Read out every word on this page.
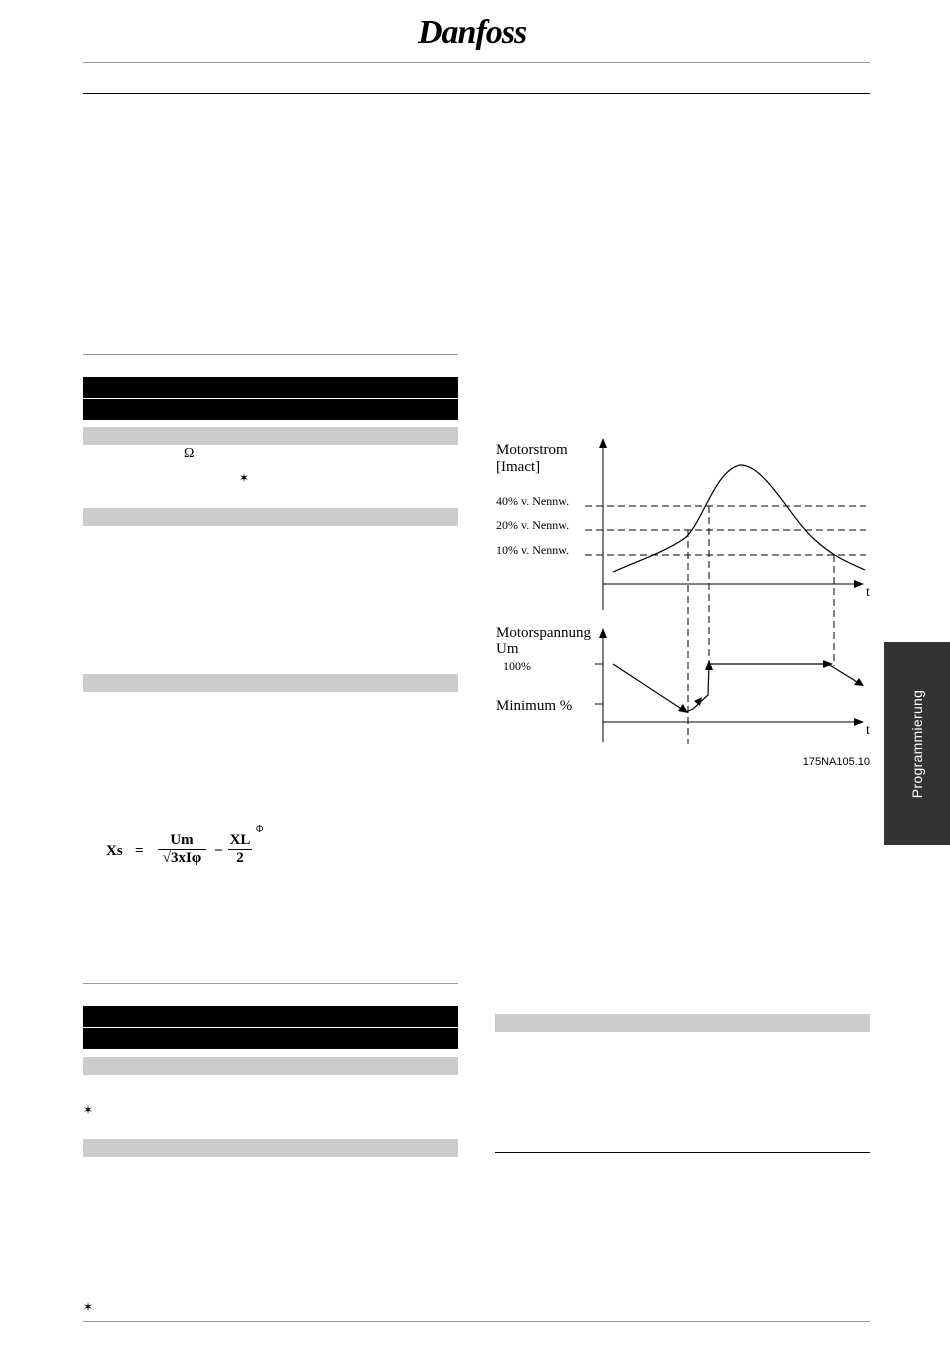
Danfoss
Ω
✶
Xs =
Um
√3xIφ −
XL
2
Φ
✶
Motorstrom
[Imact]
40% v. Nennw.
20% v. Nennw.
10% v. Nennw.
t
Motorspannung
Um
100%
Minimum %
t
175NA105.10	Programmierung
✶
